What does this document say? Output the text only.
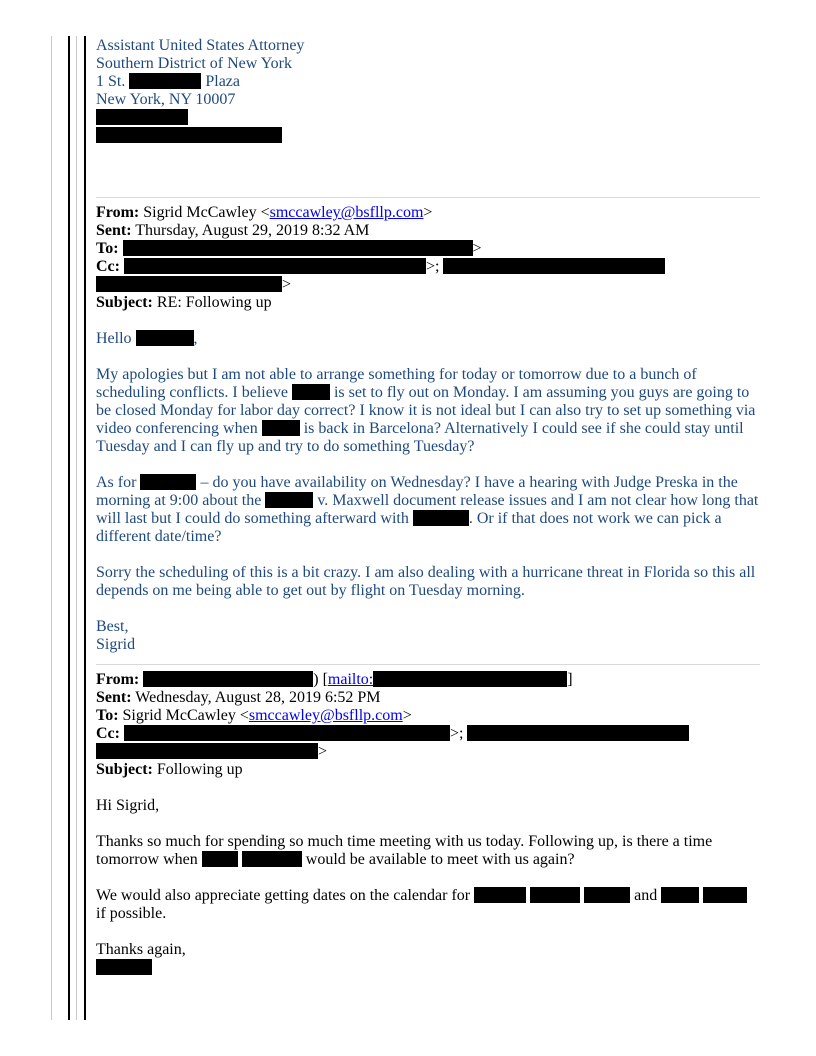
Assistant United States Attorney

Southern District of New York

1 St.	Plaza

New York, NY 10007

From: Sigrid McCawley <smccawley@bsfllp.com>

Sent: Thursday, August 29, 2019 8:32 AM

To:	>

Cc:	>;

>

Subject: RE: Following up

Hello	,

My apologies but I am not able to arrange something for today or tomorrow due to a bunch of scheduling conflicts. I believe  is set to fly out on Monday. I am assuming you guys are going to be closed Monday for labor day correct? I know it is not ideal but I can also try to set up something via video conferencing when  is back in Barcelona? Alternatively I could see if she could stay until Tuesday and I can fly up and try to do something Tuesday?

As for	– do you have availability on Wednesday? I have a hearing with Judge Preska in the morning at 9:00 about the	v. Maxwell document release issues and I am not clear how long that will last but I could do something afterward with	. Or if that does not work we can pick a different date/time?

Sorry the scheduling of this is a bit crazy. I am also dealing with a hurricane threat in Florida so this all depends on me being able to get out by flight on Tuesday morning.

Best,

Sigrid

From:	) [mailto:	]

Sent: Wednesday, August 28, 2019 6:52 PM

To: Sigrid McCawley <smccawley@bsfllp.com>

Cc:	>;

>

Subject: Following up

Hi Sigrid,

Thanks so much for spending so much time meeting with us today. Following up, is there a time tomorrow when	would be available to meet with us again?

We would also appreciate getting dates on the calendar for	and
if possible.

Thanks again,
